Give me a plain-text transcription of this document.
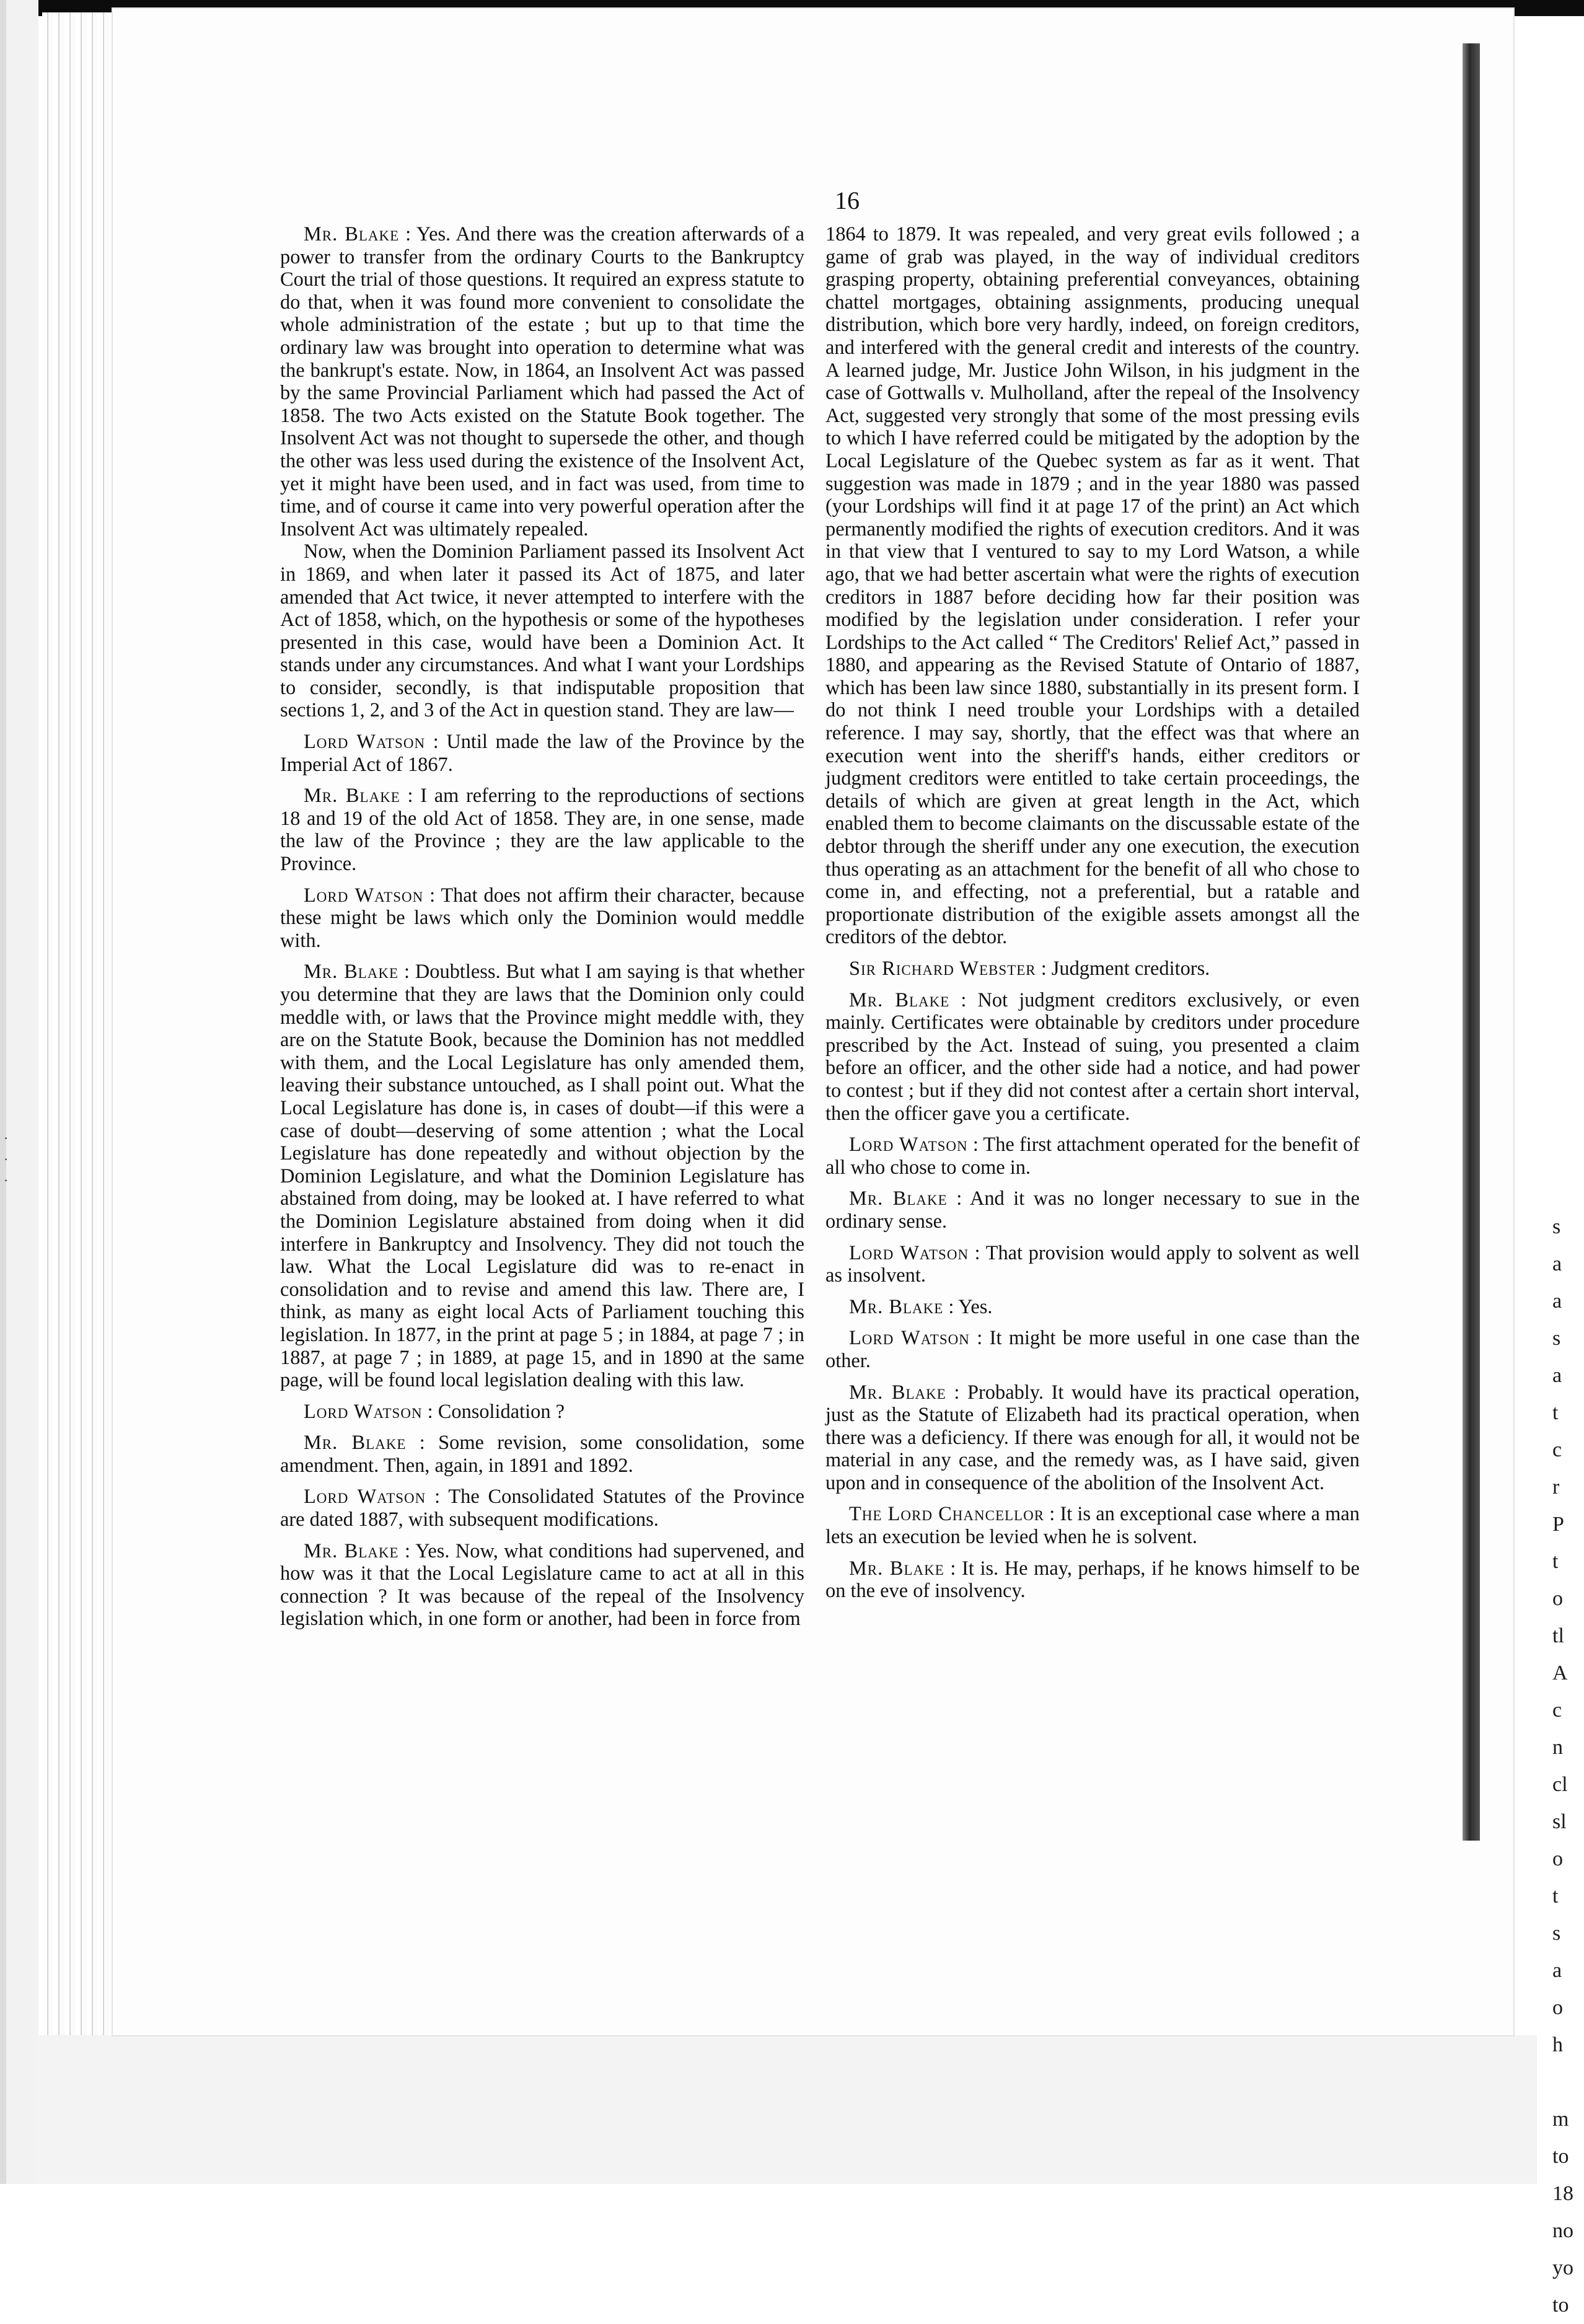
s
a
a
s
a
t
c
r
P
t
o
tl
A
c
n
cl
sl
o
t
s
a
o
h
m
to
18
no
yo
to
·
·
·
16

Mr. Blake : Yes. And there was the creation afterwards of a power to transfer from the ordinary Courts to the Bankruptcy Court the trial of those questions. It required an express statute to do that, when it was found more convenient to consolidate the whole administration of the estate ; but up to that time the ordinary law was brought into operation to determine what was the bankrupt's estate. Now, in 1864, an Insolvent Act was passed by the same Provincial Parliament which had passed the Act of 1858. The two Acts existed on the Statute Book together. The Insolvent Act was not thought to supersede the other, and though the other was less used during the existence of the Insolvent Act, yet it might have been used, and in fact was used, from time to time, and of course it came into very powerful operation after the Insolvent Act was ultimately repealed.

Now, when the Dominion Parliament passed its Insolvent Act in 1869, and when later it passed its Act of 1875, and later amended that Act twice, it never attempted to interfere with the Act of 1858, which, on the hypothesis or some of the hypotheses presented in this case, would have been a Dominion Act. It stands under any circumstances. And what I want your Lordships to consider, secondly, is that indisputable proposition that sections 1, 2, and 3 of the Act in question stand. They are law—

Lord Watson : Until made the law of the Province by the Imperial Act of 1867.

Mr. Blake : I am referring to the reproductions of sections 18 and 19 of the old Act of 1858. They are, in one sense, made the law of the Province ; they are the law applicable to the Province.

Lord Watson : That does not affirm their character, because these might be laws which only the Dominion would meddle with.

Mr. Blake : Doubtless. But what I am saying is that whether you determine that they are laws that the Dominion only could meddle with, or laws that the Province might meddle with, they are on the Statute Book, because the Dominion has not meddled with them, and the Local Legislature has only amended them, leaving their substance untouched, as I shall point out. What the Local Legislature has done is, in cases of doubt—if this were a case of doubt—deserving of some attention ; what the Local Legislature has done repeatedly and without objection by the Dominion Legislature, and what the Dominion Legislature has abstained from doing, may be looked at. I have referred to what the Dominion Legislature abstained from doing when it did interfere in Bankruptcy and Insolvency. They did not touch the law. What the Local Legislature did was to re-enact in consolidation and to revise and amend this law. There are, I think, as many as eight local Acts of Parliament touching this legislation. In 1877, in the print at page 5 ; in 1884, at page 7 ; in 1887, at page 7 ; in 1889, at page 15, and in 1890 at the same page, will be found local legislation dealing with this law.

Lord Watson : Consolidation ?

Mr. Blake : Some revision, some consolidation, some amendment. Then, again, in 1891 and 1892.

Lord Watson : The Consolidated Statutes of the Province are dated 1887, with subsequent modifications.

Mr. Blake : Yes. Now, what conditions had supervened, and how was it that the Local Legislature came to act at all in this connection ? It was because of the repeal of the Insolvency legislation which, in one form or another, had been in force from

1864 to 1879. It was repealed, and very great evils followed ; a game of grab was played, in the way of individual creditors grasping property, obtaining preferential conveyances, obtaining chattel mortgages, obtaining assignments, producing unequal distribution, which bore very hardly, indeed, on foreign creditors, and interfered with the general credit and interests of the country. A learned judge, Mr. Justice John Wilson, in his judgment in the case of Gottwalls v. Mulholland, after the repeal of the Insolvency Act, suggested very strongly that some of the most pressing evils to which I have referred could be mitigated by the adoption by the Local Legislature of the Quebec system as far as it went. That suggestion was made in 1879 ; and in the year 1880 was passed (your Lordships will find it at page 17 of the print) an Act which permanently modified the rights of execution creditors. And it was in that view that I ventured to say to my Lord Watson, a while ago, that we had better ascertain what were the rights of execution creditors in 1887 before deciding how far their position was modified by the legislation under consideration. I refer your Lordships to the Act called “ The Creditors' Relief Act,” passed in 1880, and appearing as the Revised Statute of Ontario of 1887, which has been law since 1880, substantially in its present form. I do not think I need trouble your Lordships with a detailed reference. I may say, shortly, that the effect was that where an execution went into the sheriff's hands, either creditors or judgment creditors were entitled to take certain proceedings, the details of which are given at great length in the Act, which enabled them to become claimants on the discussable estate of the debtor through the sheriff under any one execution, the execution thus operating as an attachment for the benefit of all who chose to come in, and effecting, not a preferential, but a ratable and proportionate distribution of the exigible assets amongst all the creditors of the debtor.

Sir Richard Webster : Judgment creditors.

Mr. Blake : Not judgment creditors exclusively, or even mainly. Certificates were obtainable by creditors under procedure prescribed by the Act. Instead of suing, you presented a claim before an officer, and the other side had a notice, and had power to contest ; but if they did not contest after a certain short interval, then the officer gave you a certificate.

Lord Watson : The first attachment operated for the benefit of all who chose to come in.

Mr. Blake : And it was no longer necessary to sue in the ordinary sense.

Lord Watson : That provision would apply to solvent as well as insolvent.

Mr. Blake : Yes.

Lord Watson : It might be more useful in one case than the other.

Mr. Blake : Probably. It would have its practical operation, just as the Statute of Elizabeth had its practical operation, when there was a deficiency. If there was enough for all, it would not be material in any case, and the remedy was, as I have said, given upon and in consequence of the abolition of the Insolvent Act.

The Lord Chancellor : It is an exceptional case where a man lets an execution be levied when he is solvent.

Mr. Blake : It is. He may, perhaps, if he knows himself to be on the eve of insolvency.
